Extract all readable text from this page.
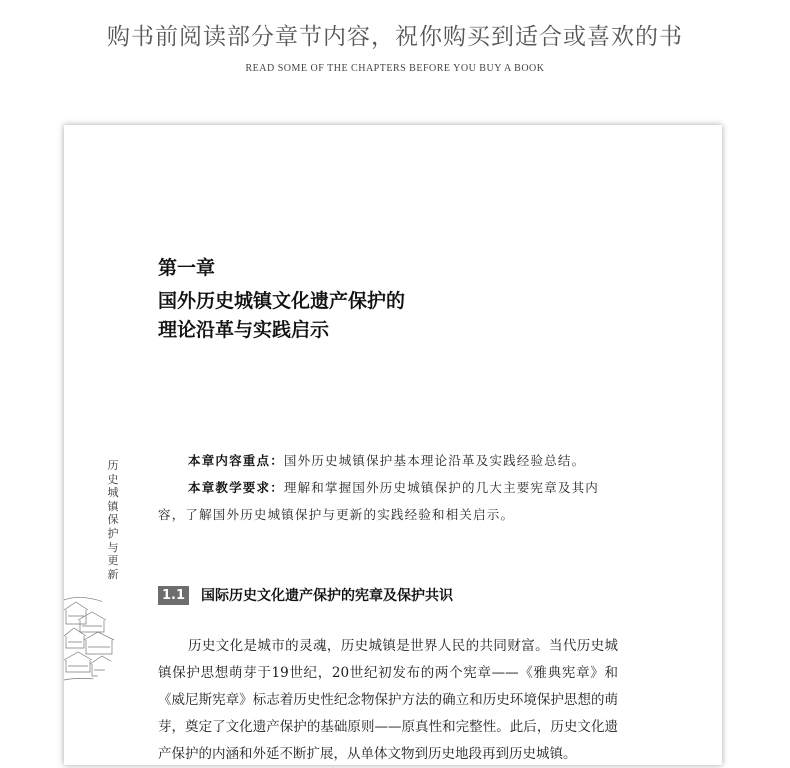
购书前阅读部分章节内容，祝你购买到适合或喜欢的书
READ SOME OF THE CHAPTERS BEFORE YOU BUY A BOOK
第一章
国外历史城镇文化遗产保护的
理论沿革与实践启示
历史城镇保护与更新
本章内容重点：国外历史城镇保护基本理论沿革及实践经验总结。
本章教学要求：理解和掌握国外历史城镇保护的几大主要宪章及其内容，了解国外历史城镇保护与更新的实践经验和相关启示。
1.1 国际历史文化遗产保护的宪章及保护共识
历史文化是城市的灵魂，历史城镇是世界人民的共同财富。当代历史城镇保护思想萌芽于19世纪，20世纪初发布的两个宪章——《雅典宪章》和《威尼斯宪章》标志着历史性纪念物保护方法的确立和历史环境保护思想的萌芽，奠定了文化遗产保护的基础原则——原真性和完整性。此后，历史文化遗产保护的内涵和外延不断扩展，从单体文物到历史地段再到历史城镇。
